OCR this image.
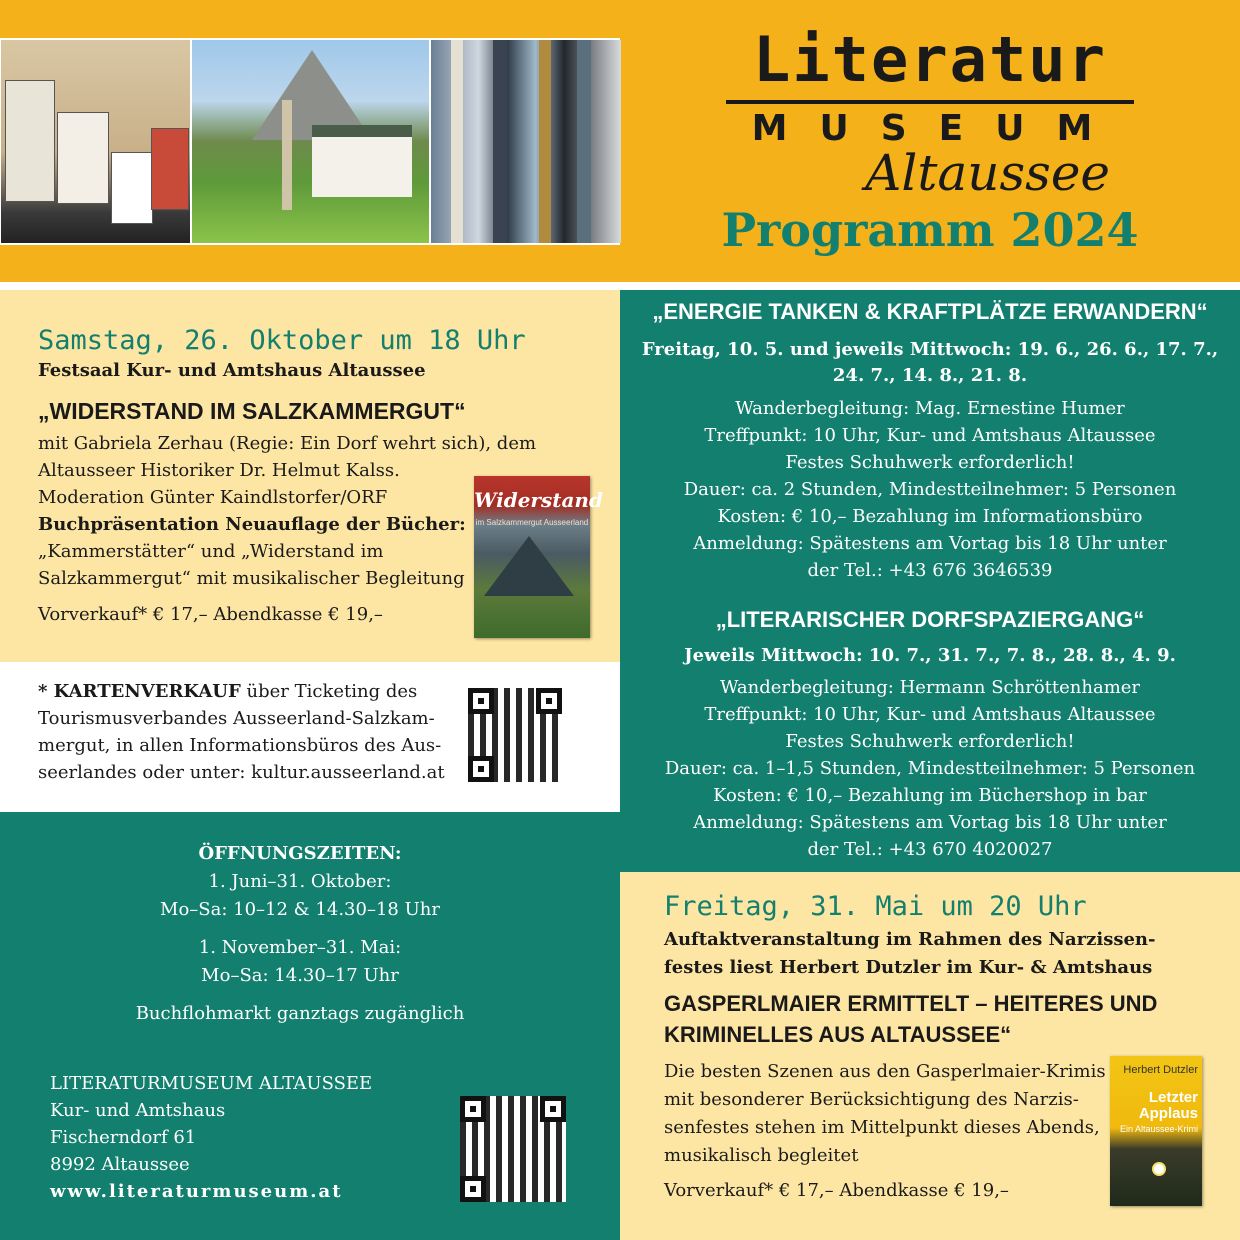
Literatur
MUSEUM
Altaussee
Programm 2024
Samstag, 26. Oktober um 18 Uhr
Festsaal Kur- und Amtshaus Altaussee
„WIDERSTAND IM SALZKAMMERGUT“
mit Gabriela Zerhau (Regie: Ein Dorf wehrt sich), dem
Altausseer Historiker Dr. Helmut Kalss.
Moderation Günter Kaindlstorfer/ORF
Buchpräsentation Neuauflage der Bücher:
„Kammerstätter“ und „Widerstand im
Salzkammergut“ mit musikalischer Begleitung
Vorverkauf* € 17,– Abendkasse € 19,–
Widerstand
im Salzkammergut Ausseerland
* KARTENVERKAUF über Ticketing des
Tourismusverbandes Ausseerland-Salzkam-
mergut, in allen Informationsbüros des Aus-
seerlandes oder unter: kultur.ausseerland.at
ÖFFNUNGSZEITEN:
1. Juni–31. Oktober:
Mo–Sa: 10–12 & 14.30–18 Uhr
1. November–31. Mai:
Mo–Sa: 14.30–17 Uhr
Buchflohmarkt ganztags zugänglich
LITERATURMUSEUM ALTAUSSEE
Kur- und Amtshaus
Fischerndorf 61
8992 Altaussee
www.literaturmuseum.at
„ENERGIE TANKEN & KRAFTPLÄTZE ERWANDERN“
Freitag, 10. 5. und jeweils Mittwoch: 19. 6., 26. 6., 17. 7.,
24. 7., 14. 8., 21. 8.
Wanderbegleitung: Mag. Ernestine Humer
Treffpunkt: 10 Uhr, Kur- und Amtshaus Altaussee
Festes Schuhwerk erforderlich!
Dauer: ca. 2 Stunden, Mindestteilnehmer: 5 Personen
Kosten: € 10,– Bezahlung im Informationsbüro
Anmeldung: Spätestens am Vortag bis 18 Uhr unter
der Tel.: +43 676 3646539
„LITERARISCHER DORFSPAZIERGANG“
Jeweils Mittwoch: 10. 7., 31. 7., 7. 8., 28. 8., 4. 9.
Wanderbegleitung: Hermann Schröttenhamer
Treffpunkt: 10 Uhr, Kur- und Amtshaus Altaussee
Festes Schuhwerk erforderlich!
Dauer: ca. 1–1,5 Stunden, Mindestteilnehmer: 5 Personen
Kosten: € 10,– Bezahlung im Büchershop in bar
Anmeldung: Spätestens am Vortag bis 18 Uhr unter
der Tel.: +43 670 4020027
Freitag, 31. Mai um 20 Uhr
Auftaktveranstaltung im Rahmen des Narzissen-
festes liest Herbert Dutzler im Kur- & Amtshaus
GASPERLMAIER ERMITTELT – HEITERES UND
KRIMINELLES AUS ALTAUSSEE“
Die besten Szenen aus den Gasperlmaier-Krimis
mit besonderer Berücksichtigung des Narzis-
senfestes stehen im Mittelpunkt dieses Abends,
musikalisch begleitet
Vorverkauf* € 17,– Abendkasse € 19,–
Herbert Dutzler
Letzter Applaus
Ein Altaussee-Krimi
